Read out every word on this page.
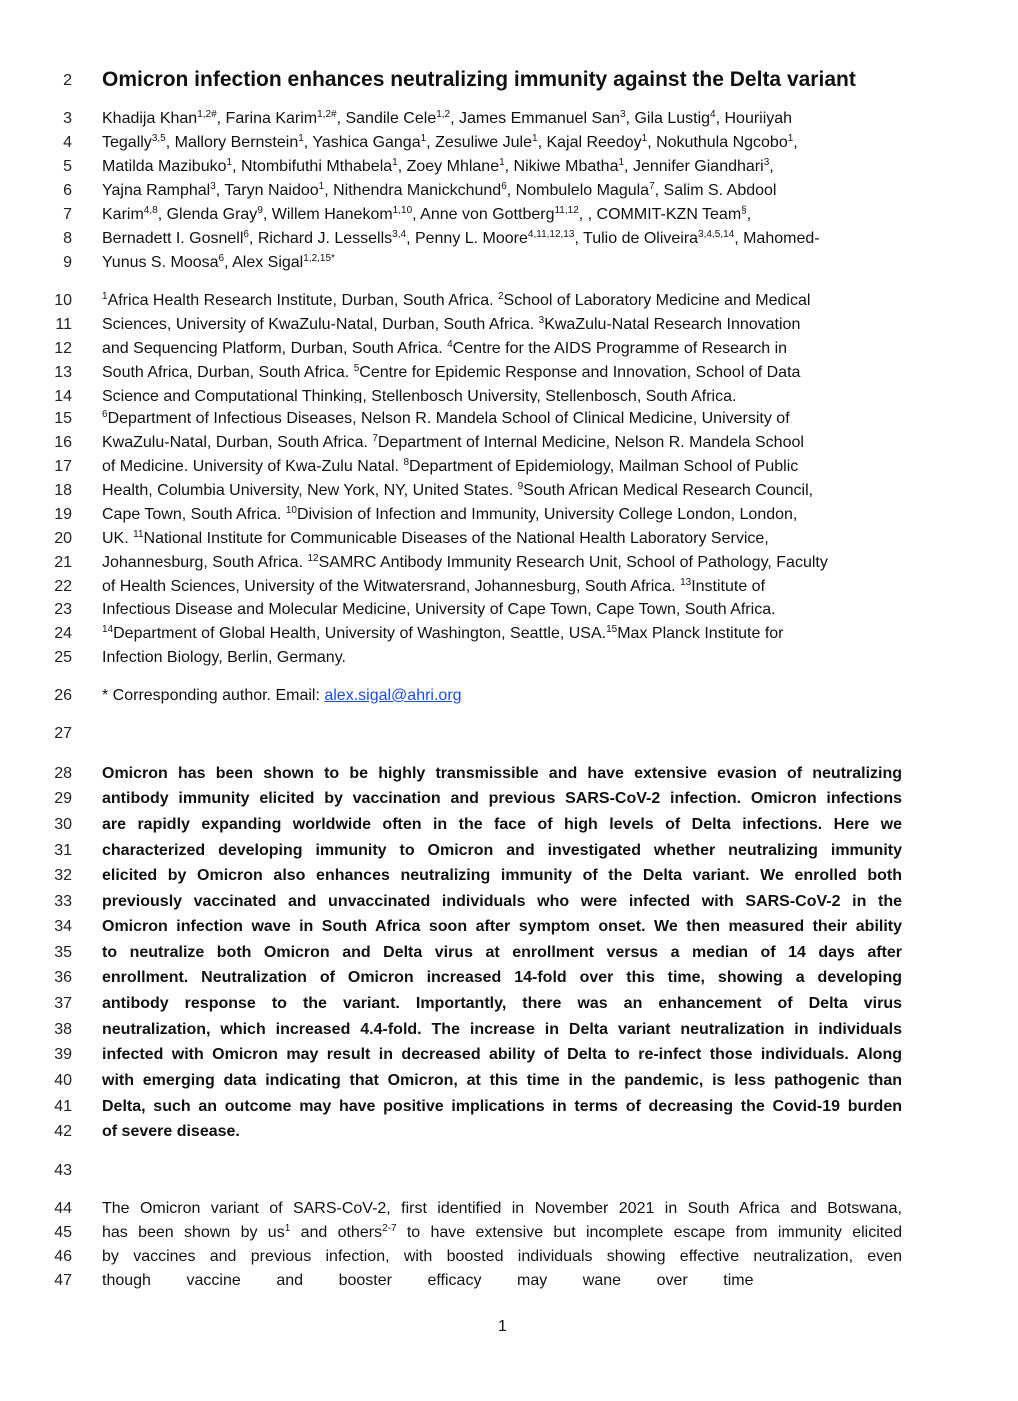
2 Omicron infection enhances neutralizing immunity against the Delta variant
3 Khadija Khan$^{1,2\#}$, Farina Karim$^{1,2\#}$, Sandile Cele$^{1,2}$, James Emmanuel San$^3$, Gila Lustig$^4$, Houriiyah
4 Tegally$^{3,5}$, Mallory Bernstein$^1$, Yashica Ganga$^1$, Zesuliwe Jule$^1$, Kajal Reedoy$^1$, Nokuthula Ngcobo$^1$,
5 Matilda Mazibuko$^1$, Ntombifuthi Mthabela$^1$, Zoey Mhlane$^1$, Nikiwe Mbatha$^1$, Jennifer Giandhari$^3$,
6 Yajna Ramphal$^3$, Taryn Naidoo$^1$, Nithendra Manickchund$^6$, Nombulelo Magula$^7$, Salim S. Abdool
7 Karim$^{4,8}$, Glenda Gray$^9$, Willem Hanekom$^{1,10}$, Anne von Gottberg$^{11,12}$, , COMMIT-KZN Team§,
8 Bernadett I. Gosnell$^6$, Richard J. Lessells$^{3,4}$, Penny L. Moore$^{4,11,12,13}$, Tulio de Oliveira$^{3,4,5,14}$, Mahomed-
9 Yunus S. Moosa$^6$, Alex Sigal$^{1,2,15*}$
10	$^1$Africa Health Research Institute, Durban, South Africa. $^2$School of Laboratory Medicine and Medical
11 Sciences, University of KwaZulu-Natal, Durban, South Africa. $^3$KwaZulu-Natal Research Innovation
12 and Sequencing Platform, Durban, South Africa. $^4$Centre for the AIDS Programme of Research in
13 South Africa, Durban, South Africa. $^5$Centre for Epidemic Response and Innovation, School of Data
14 Science and Computational Thinking, Stellenbosch University, Stellenbosch, South Africa.
15	$^6$Department of Infectious Diseases, Nelson R. Mandela School of Clinical Medicine, University of
16 KwaZulu-Natal, Durban, South Africa. $^7$Department of Internal Medicine, Nelson R. Mandela School
17 of Medicine. University of Kwa-Zulu Natal. $^8$Department of Epidemiology, Mailman School of Public
18 Health, Columbia University, New York, NY, United States. $^9$South African Medical Research Council,
19 Cape Town, South Africa. $^{10}$Division of Infection and Immunity, University College London, London,
20 UK. $^{11}$National Institute for Communicable Diseases of the National Health Laboratory Service,
21 Johannesburg, South Africa. $^{12}$SAMRC Antibody Immunity Research Unit, School of Pathology, Faculty
22 of Health Sciences, University of the Witwatersrand, Johannesburg, South Africa. $^{13}$Institute of
23 Infectious Disease and Molecular Medicine, University of Cape Town, Cape Town, South Africa.
24	$^{14}$Department of Global Health, University of Washington, Seattle, USA.$^{15}$Max Planck Institute for
25 Infection Biology, Berlin, Germany.
26 * Corresponding author. Email: alex.sigal@ahri.org
27
28 Omicron has been shown to be highly transmissible and have extensive evasion of neutralizing
29 antibody immunity elicited by vaccination and previous SARS-CoV-2 infection. Omicron infections
30 are rapidly expanding worldwide often in the face of high levels of Delta infections. Here we
31 characterized developing immunity to Omicron and investigated whether neutralizing immunity
32 elicited by Omicron also enhances neutralizing immunity of the Delta variant. We enrolled both
33 previously vaccinated and unvaccinated individuals who were infected with SARS-CoV-2 in the
34 Omicron infection wave in South Africa soon after symptom onset. We then measured their ability
35 to neutralize both Omicron and Delta virus at enrollment versus a median of 14 days after
36 enrollment. Neutralization of Omicron increased 14-fold over this time, showing a developing
37 antibody response to the variant. Importantly, there was an enhancement of Delta virus
38 neutralization, which increased 4.4-fold. The increase in Delta variant neutralization in individuals
39 infected with Omicron may result in decreased ability of Delta to re-infect those individuals. Along
40 with emerging data indicating that Omicron, at this time in the pandemic, is less pathogenic than
41 Delta, such an outcome may have positive implications in terms of decreasing the Covid-19 burden
42 of severe disease.
43
44 The Omicron variant of SARS-CoV-2, first identified in November 2021 in South Africa and Botswana,
45 has been shown by $us^1$ and others$^{2-7}$ to have extensive but incomplete escape from immunity elicited
46 by vaccines and previous infection, with boosted individuals showing effective neutralization, even
47 though        vaccine        and        booster        efficacy        may        wane        over        time
1
